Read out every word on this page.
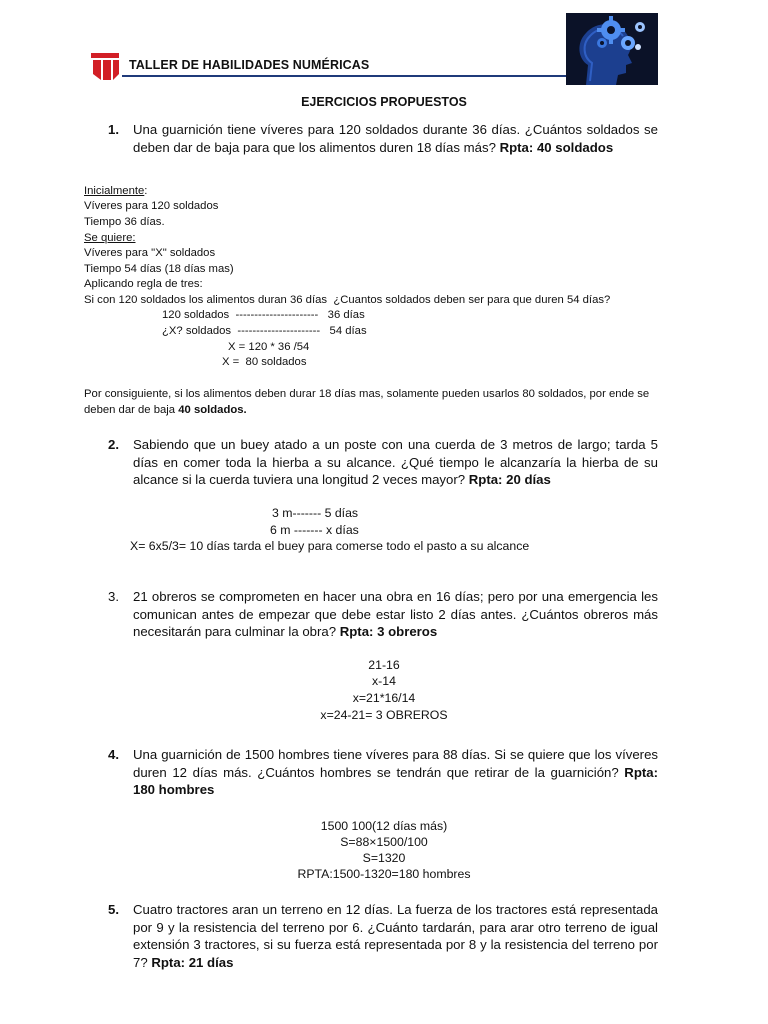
TALLER DE HABILIDADES NUMÉRICAS
EJERCICIOS PROPUESTOS
1. Una guarnición tiene víveres para 120 soldados durante 36 días. ¿Cuántos soldados se deben dar de baja para que los alimentos duren 18 días más? Rpta: 40 soldados
Inicialmente:
Víveres para 120 soldados
Tiempo 36 días.
Se quiere:
Víveres para "X" soldados
Tiempo 54 días (18 días mas)
Aplicando regla de tres:
Si con 120 soldados los alimentos duran 36 días  ¿Cuantos soldados deben ser para que duren 54 días?
120 soldados  ----------------------   36 días
¿X? soldados  ----------------------   54 días
X = 120 * 36 /54
X =  80 soldados
Por consiguiente, si los alimentos deben durar 18 días mas, solamente pueden usarlos 80 soldados, por ende se deben dar de baja 40 soldados.
2. Sabiendo que un buey atado a un poste con una cuerda de 3 metros de largo; tarda 5 días en comer toda la hierba a su alcance. ¿Qué tiempo le alcanzaría la hierba de su alcance si la cuerda tuviera una longitud 2 veces mayor? Rpta: 20 días
3 m------- 5 días
6 m ------- x días
X= 6x5/3= 10 días tarda el buey para comerse todo el pasto a su alcance
3. 21 obreros se comprometen en hacer una obra en 16 días; pero por una emergencia les comunican antes de empezar que debe estar listo 2 días antes. ¿Cuántos obreros más necesitarán para culminar la obra? Rpta: 3 obreros
21-16
x-14
x=21*16/14
x=24-21= 3 OBREROS
4. Una guarnición de 1500 hombres tiene víveres para 88 días. Si se quiere que los víveres duren 12 días más. ¿Cuántos hombres se tendrán que retirar de la guarnición? Rpta: 180 hombres
1500 100(12 días más)
S=88×1500/100
S=1320
RPTA:1500-1320=180 hombres
5. Cuatro tractores aran un terreno en 12 días. La fuerza de los tractores está representada por 9 y la resistencia del terreno por 6. ¿Cuánto tardarán, para arar otro terreno de igual extensión 3 tractores, si su fuerza está representada por 8 y la resistencia del terreno por 7? Rpta: 21 días
